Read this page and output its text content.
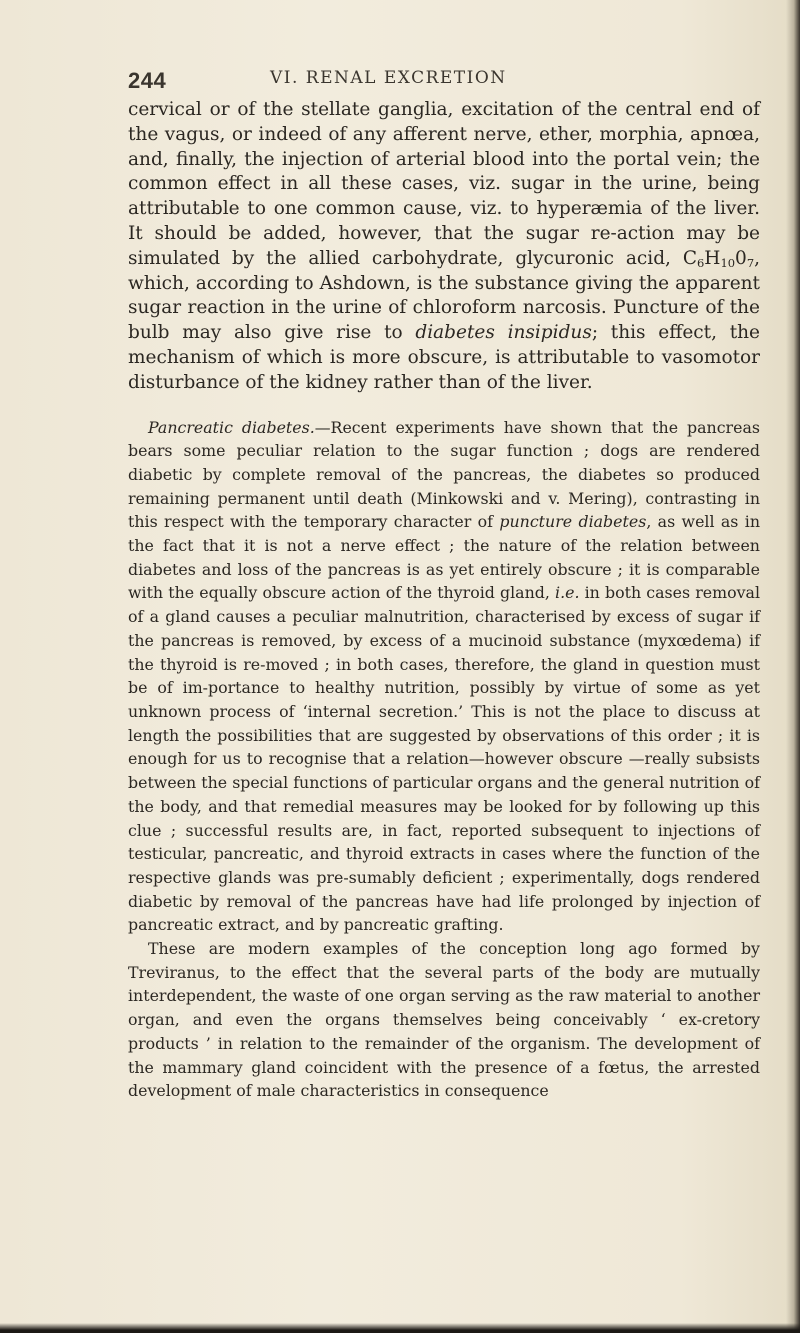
244	VI. RENAL EXCRETION

cervical or of the stellate ganglia, excitation of the central end of the vagus, or indeed of any afferent nerve, ether, morphia, apnœa, and, finally, the injection of arterial blood into the portal vein; the common effect in all these cases, viz. sugar in the urine, being attributable to one common cause, viz. to hyperæmia of the liver. It should be added, however, that the sugar re-action may be simulated by the allied carbohydrate, glycuronic acid, $C_6H_{10}0_7$, which, according to Ashdown, is the substance giving the apparent sugar reaction in the urine of chloroform narcosis. Puncture of the bulb may also give rise to diabetes insipidus; this effect, the mechanism of which is more obscure, is attributable to vasomotor disturbance of the kidney rather than of the liver.

Pancreatic diabetes.—Recent experiments have shown that the pancreas bears some peculiar relation to the sugar function ; dogs are rendered diabetic by complete removal of the pancreas, the diabetes so produced remaining permanent until death (Minkowski and v. Mering), contrasting in this respect with the temporary character of puncture diabetes, as well as in the fact that it is not a nerve effect ; the nature of the relation between diabetes and loss of the pancreas is as yet entirely obscure ; it is comparable with the equally obscure action of the thyroid gland, i.e. in both cases removal of a gland causes a peculiar malnutrition, characterised by excess of sugar if the pancreas is removed, by excess of a mucinoid substance (myxœdema) if the thyroid is re-moved ; in both cases, therefore, the gland in question must be of im-portance to healthy nutrition, possibly by virtue of some as yet unknown process of ‘internal secretion.’ This is not the place to discuss at length the possibilities that are suggested by observations of this order ; it is enough for us to recognise that a relation—however obscure —really subsists between the special functions of particular organs and the general nutrition of the body, and that remedial measures may be looked for by following up this clue ; successful results are, in fact, reported subsequent to injections of testicular, pancreatic, and thyroid extracts in cases where the function of the respective glands was pre-sumably deficient ; experimentally, dogs rendered diabetic by removal of the pancreas have had life prolonged by injection of pancreatic extract, and by pancreatic grafting.

These are modern examples of the conception long ago formed by Treviranus, to the effect that the several parts of the body are mutually interdependent, the waste of one organ serving as the raw material to another organ, and even the organs themselves being conceivably ‘ ex-cretory products ’ in relation to the remainder of the organism. The development of the mammary gland coincident with the presence of a fœtus, the arrested development of male characteristics in consequence
